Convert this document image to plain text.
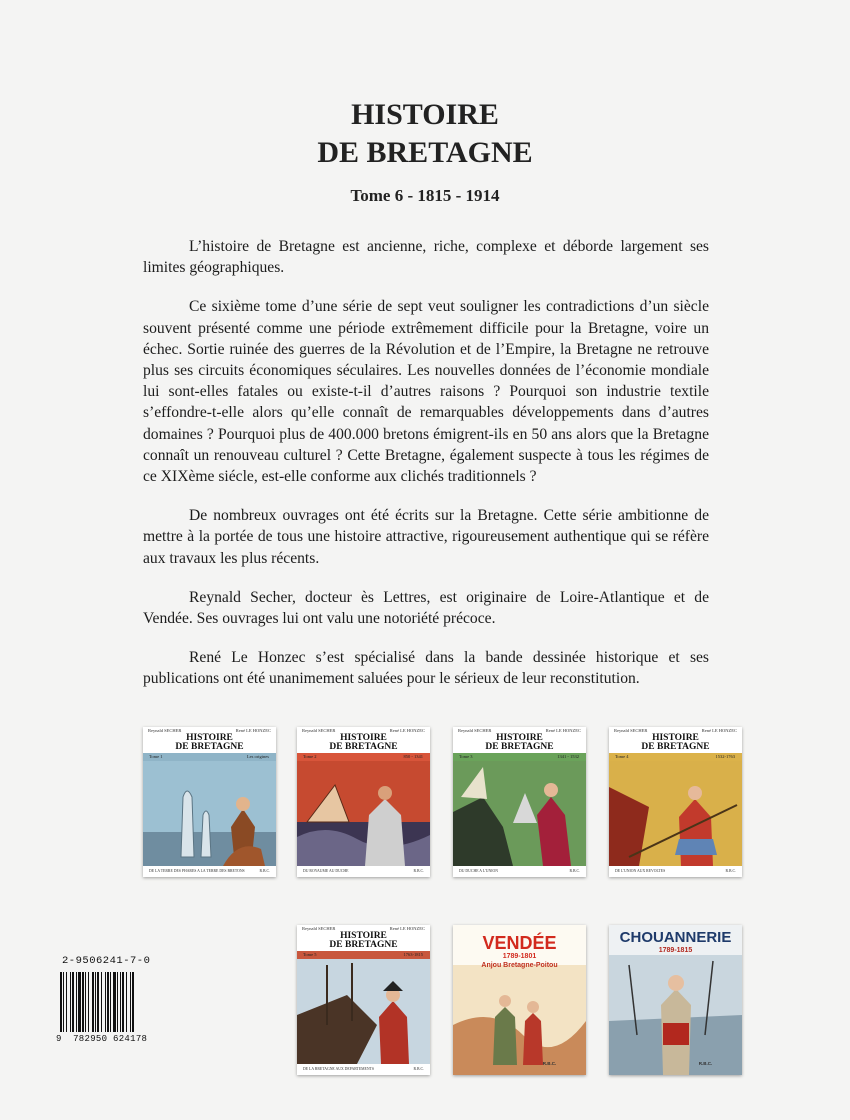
HISTOIRE
DE BRETAGNE
Tome 6 - 1815 - 1914

L’histoire de Bretagne est ancienne, riche, complexe et déborde largement ses limites géographiques.

Ce sixième tome d’une série de sept veut souligner les contradictions d’un siècle souvent présenté comme une période extrêmement difficile pour la Bretagne, voire un échec. Sortie ruinée des guerres de la Révolution et de l’Empire, la Bretagne ne retrouve plus ses circuits économiques séculaires. Les nouvelles données de l’économie mondiale lui sont-elles fatales ou existe-t-il d’autres raisons ? Pourquoi son industrie textile s’effondre-t-elle alors qu’elle connaît de remarquables développements dans d’autres domaines ? Pourquoi plus de 400.000 bretons émigrent-ils en 50 ans alors que la Bretagne connaît un renouveau culturel ? Cette Bretagne, également suspecte à tous les régimes de ce XIXème siécle, est-elle conforme aux clichés traditionnels ?

De nombreux ouvrages ont été écrits sur la Bretagne. Cette série ambitionne de mettre à la portée de tous une histoire attractive, rigoureusement authentique qui se réfère aux travaux les plus récents.

Reynald Secher, docteur ès Lettres, est originaire de Loire-Atlantique et de Vendée. Ses ouvrages lui ont valu une notoriété précoce.

René Le Honzec s’est spécialisé dans la bande dessinée historique et ses publications ont été unanimement saluées pour le sérieux de leur reconstitution.

Reynald SECHER	René LE HONZEC
HISTOIRE
DE BRETAGNE
Tome 1	Les origines
DE LA TERRE DES PHARES A LA TERRE DES BRETONS	R.B.C.
Reynald SECHER	René LE HONZEC
HISTOIRE
DE BRETAGNE
Tome 2	850 - 1341
DU ROYAUME AU DUCHE	R.B.C.
Reynald SECHER	René LE HONZEC
HISTOIRE
DE BRETAGNE
Tome 3	1341 - 1532
DU DUCHE A L'UNION	R.B.C.
Reynald SECHER	René LE HONZEC
HISTOIRE
DE BRETAGNE
Tome 4	1532-1763
DE L'UNION AUX REVOLTES	R.B.C.
Reynald SECHER	René LE HONZEC
HISTOIRE
DE BRETAGNE
Tome 5	1763-1815
DE LA BRETAGNE AUX DEPARTEMENTS	R.B.C.
VENDÉE
1789-1801
Anjou Bretagne-Poitou
R.B.C.
CHOUANNERIE
1789-1815
R.B.C.
2-9506241-7-0
9 782950 624178
